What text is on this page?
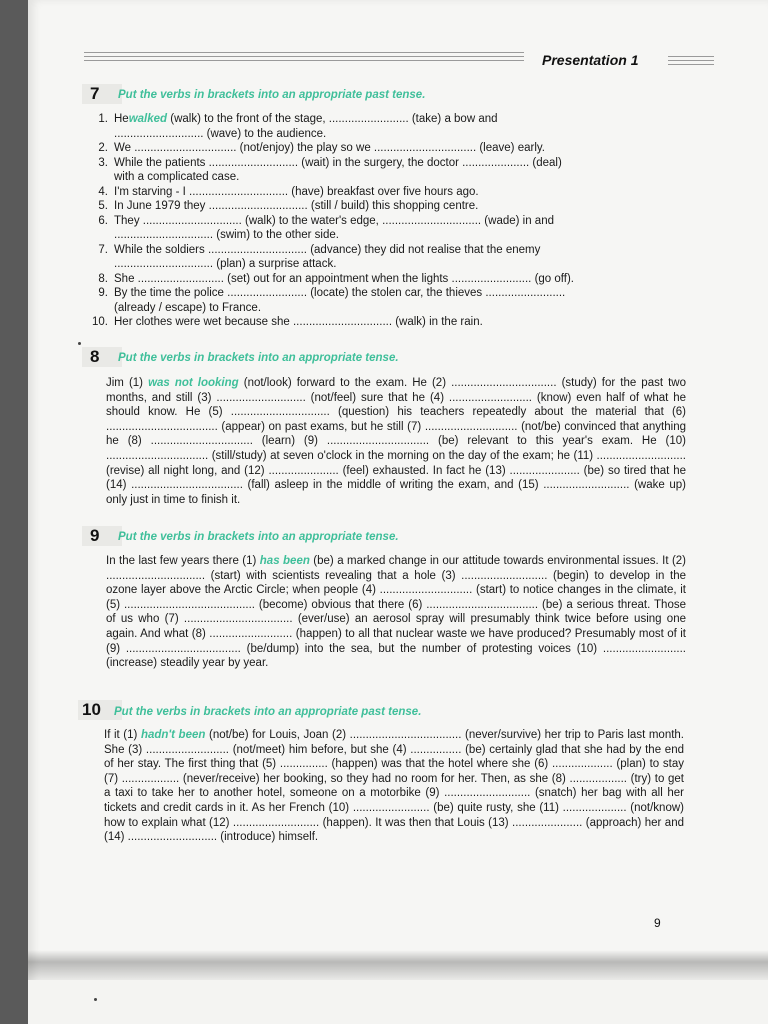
Presentation 1
7 Put the verbs in brackets into an appropriate past tense.
1. Hewalked (walk) to the front of the stage, ......................... (take) a bow and
............................ (wave) to the audience.
2. We ................................ (not/enjoy) the play so we ................................ (leave) early.
3. While the patients ............................ (wait) in the surgery, the doctor ..................... (deal)
with a complicated case.
4. I'm starving - I ............................... (have) breakfast over five hours ago.
5. In June 1979 they ............................... (still / build) this shopping centre.
6. They ............................... (walk) to the water's edge, ............................... (wade) in and
............................... (swim) to the other side.
7. While the soldiers ............................... (advance) they did not realise that the enemy
............................... (plan) a surprise attack.
8. She ........................... (set) out for an appointment when the lights ......................... (go off).
9. By the time the police ......................... (locate) the stolen car, the thieves .........................
(already / escape) to France.
10. Her clothes were wet because she ............................... (walk) in the rain.
8 Put the verbs in brackets into an appropriate tense.
Jim (1) was not looking (not/look) forward to the exam. He (2) ................................. (study) for the past two months, and still (3) ............................ (not/feel) sure that he (4) .......................... (know) even half of what he should know. He (5) ............................... (question) his teachers repeatedly about the material that (6) ................................... (appear) on past exams, but he still (7) ............................. (not/be) convinced that anything he (8) ................................ (learn) (9) ................................ (be) relevant to this year's exam. He (10) ................................ (still/study) at seven o'clock in the morning on the day of the exam; he (11) ............................ (revise) all night long, and (12) ...................... (feel) exhausted. In fact he (13) ...................... (be) so tired that he (14) ................................... (fall) asleep in the middle of writing the exam, and (15) ........................... (wake up) only just in time to finish it.
9 Put the verbs in brackets into an appropriate tense.
In the last few years there (1) has been (be) a marked change in our attitude towards environmental issues. It (2) ............................... (start) with scientists revealing that a hole (3) ........................... (begin) to develop in the ozone layer above the Arctic Circle; when people (4) ............................. (start) to notice changes in the climate, it (5) ......................................... (become) obvious that there (6) ................................... (be) a serious threat. Those of us who (7) .................................. (ever/use) an aerosol spray will presumably think twice before using one again. And what (8) .......................... (happen) to all that nuclear waste we have produced? Presumably most of it (9) .................................... (be/dump) into the sea, but the number of protesting voices (10) .......................... (increase) steadily year by year.
10 Put the verbs in brackets into an appropriate past tense.
If it (1) hadn't been (not/be) for Louis, Joan (2) ................................... (never/survive) her trip to Paris last month. She (3) .......................... (not/meet) him before, but she (4) ................ (be) certainly glad that she had by the end of her stay. The first thing that (5) ............... (happen) was that the hotel where she (6) ................... (plan) to stay (7) .................. (never/receive) her booking, so they had no room for her. Then, as she (8) .................. (try) to get a taxi to take her to another hotel, someone on a motorbike (9) ........................... (snatch) her bag with all her tickets and credit cards in it. As her French (10) ........................ (be) quite rusty, she (11) .................... (not/know) how to explain what (12) ........................... (happen). It was then that Louis (13) ...................... (approach) her and (14) ............................ (introduce) himself.
9
